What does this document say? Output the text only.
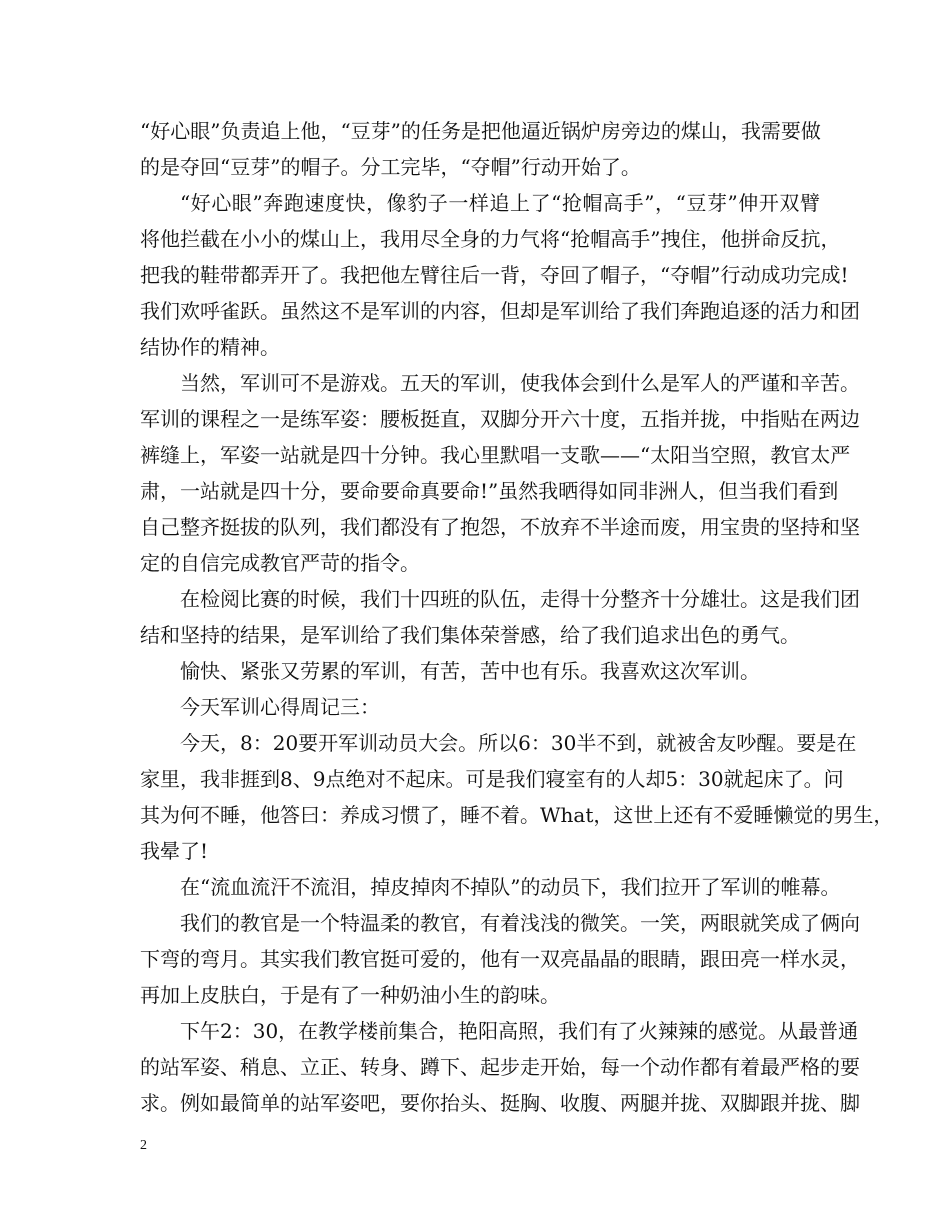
“好心眼”负责追上他，“豆芽”的任务是把他逼近锅炉房旁边的煤山，我需要做
的是夺回“豆芽”的帽子。分工完毕，“夺帽”行动开始了。
“好心眼”奔跑速度快，像豹子一样追上了“抢帽高手”，“豆芽”伸开双臂
将他拦截在小小的煤山上，我用尽全身的力气将“抢帽高手”拽住，他拼命反抗，
把我的鞋带都弄开了。我把他左臂往后一背，夺回了帽子，“夺帽”行动成功完成!
我们欢呼雀跃。虽然这不是军训的内容，但却是军训给了我们奔跑追逐的活力和团
结协作的精神。
当然，军训可不是游戏。五天的军训，使我体会到什么是军人的严谨和辛苦。
军训的课程之一是练军姿：腰板挺直，双脚分开六十度，五指并拢，中指贴在两边
裤缝上，军姿一站就是四十分钟。我心里默唱一支歌——“太阳当空照，教官太严
肃，一站就是四十分，要命要命真要命!”虽然我晒得如同非洲人，但当我们看到
自己整齐挺拔的队列，我们都没有了抱怨，不放弃不半途而废，用宝贵的坚持和坚
定的自信完成教官严苛的指令。
在检阅比赛的时候，我们十四班的队伍，走得十分整齐十分雄壮。这是我们团
结和坚持的结果，是军训给了我们集体荣誉感，给了我们追求出色的勇气。
愉快、紧张又劳累的军训，有苦，苦中也有乐。我喜欢这次军训。
今天军训心得周记三：
今天，8：20要开军训动员大会。所以6：30半不到，就被舍友吵醒。要是在
家里，我非捱到8、9点绝对不起床。可是我们寝室有的人却5：30就起床了。问
其为何不睡，他答曰：养成习惯了，睡不着。What，这世上还有不爱睡懒觉的男生，
我晕了!
在“流血流汗不流泪，掉皮掉肉不掉队”的动员下，我们拉开了军训的帷幕。
我们的教官是一个特温柔的教官，有着浅浅的微笑。一笑，两眼就笑成了俩向
下弯的弯月。其实我们教官挺可爱的，他有一双亮晶晶的眼睛，跟田亮一样水灵，
再加上皮肤白，于是有了一种奶油小生的韵味。
下午2：30，在教学楼前集合，艳阳高照，我们有了火辣辣的感觉。从最普通
的站军姿、稍息、立正、转身、蹲下、起步走开始，每一个动作都有着最严格的要
求。例如最简单的站军姿吧，要你抬头、挺胸、收腹、两腿并拢、双脚跟并拢、脚
2
